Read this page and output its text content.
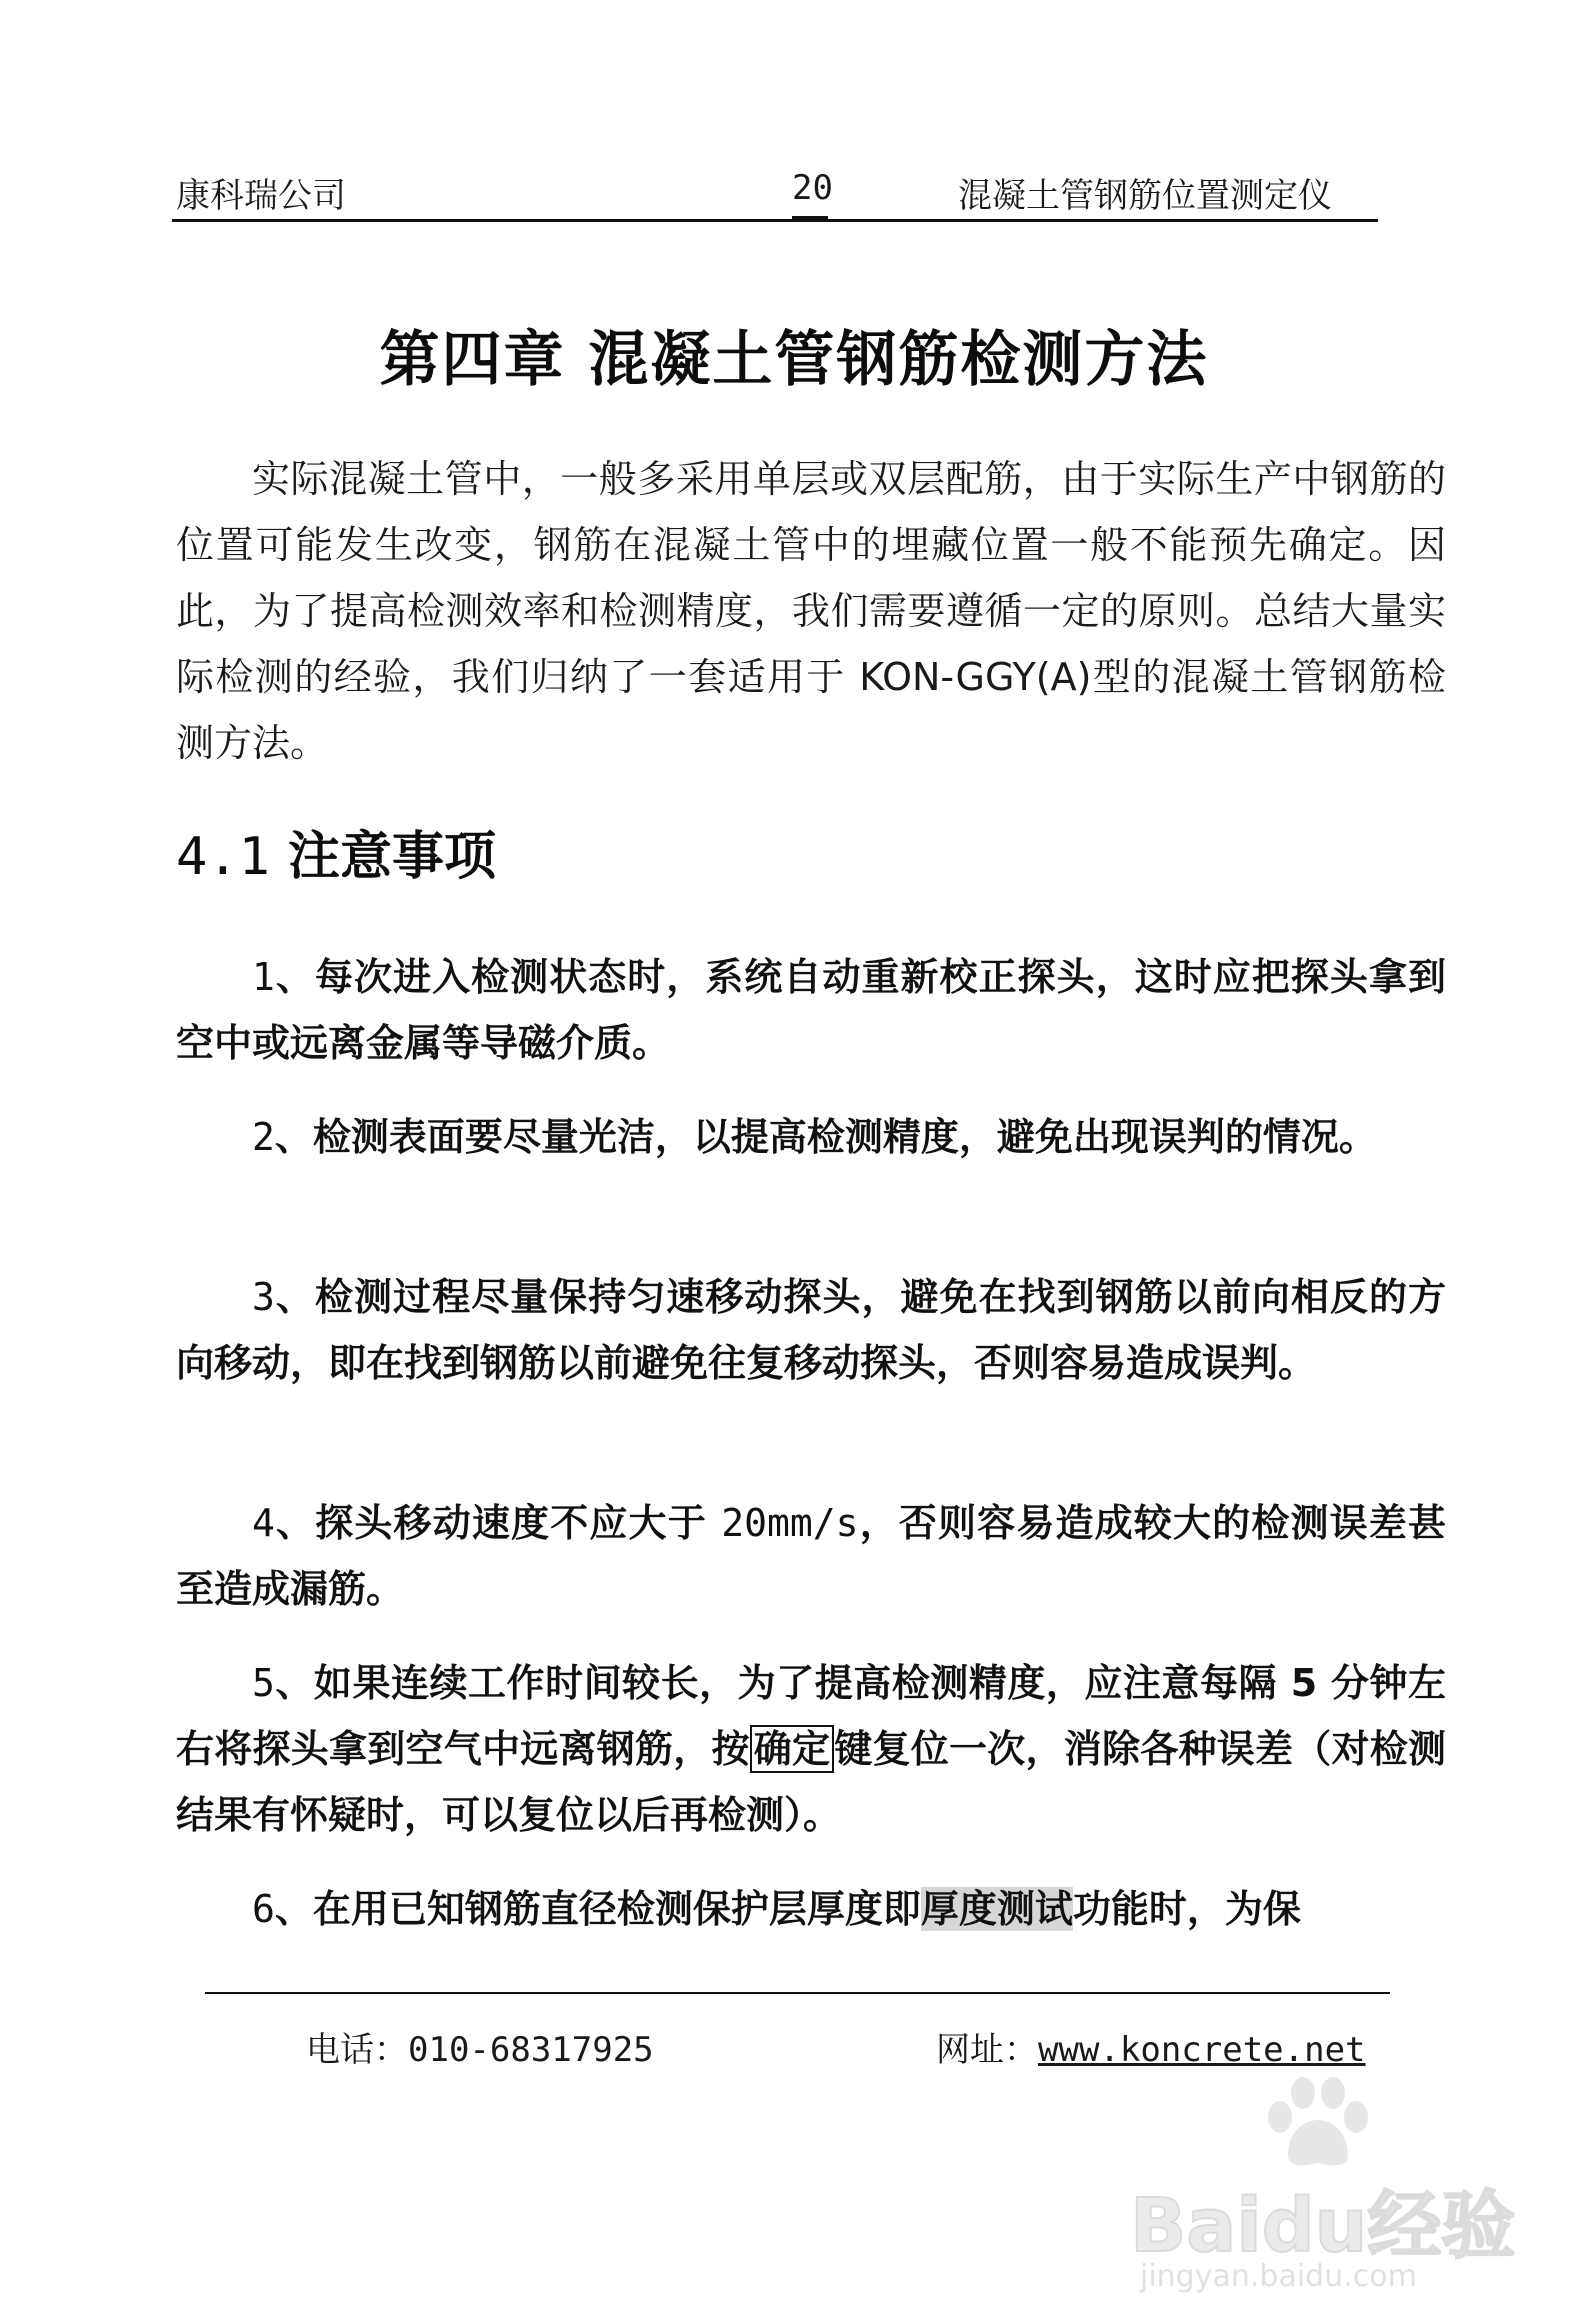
康科瑞公司	20	混凝土管钢筋位置测定仪
第四章 混凝土管钢筋检测方法
实际混凝土管中，一般多采用单层或双层配筋，由于实际生产中钢筋的位置可能发生改变，钢筋在混凝土管中的埋藏位置一般不能预先确定。因此，为了提高检测效率和检测精度，我们需要遵循一定的原则。总结大量实际检测的经验，我们归纳了一套适用于 KON-GGY(A)型的混凝土管钢筋检测方法。
4.1 注意事项
1、每次进入检测状态时，系统自动重新校正探头，这时应把探头拿到空中或远离金属等导磁介质。
2、检测表面要尽量光洁，以提高检测精度，避免出现误判的情况。
3、检测过程尽量保持匀速移动探头，避免在找到钢筋以前向相反的方向移动，即在找到钢筋以前避免往复移动探头，否则容易造成误判。
4、探头移动速度不应大于 20mm/s，否则容易造成较大的检测误差甚至造成漏筋。
5、如果连续工作时间较长，为了提高检测精度，应注意每隔 5 分钟左右将探头拿到空气中远离钢筋，按 确定 键复位一次，消除各种误差（对检测结果有怀疑时，可以复位以后再检测）。
6、在用已知钢筋直径检测保护层厚度即厚度测试功能时，为保
电话：010-68317925	网址：www.koncrete.net
Baidu经验
jingyan.baidu.com
